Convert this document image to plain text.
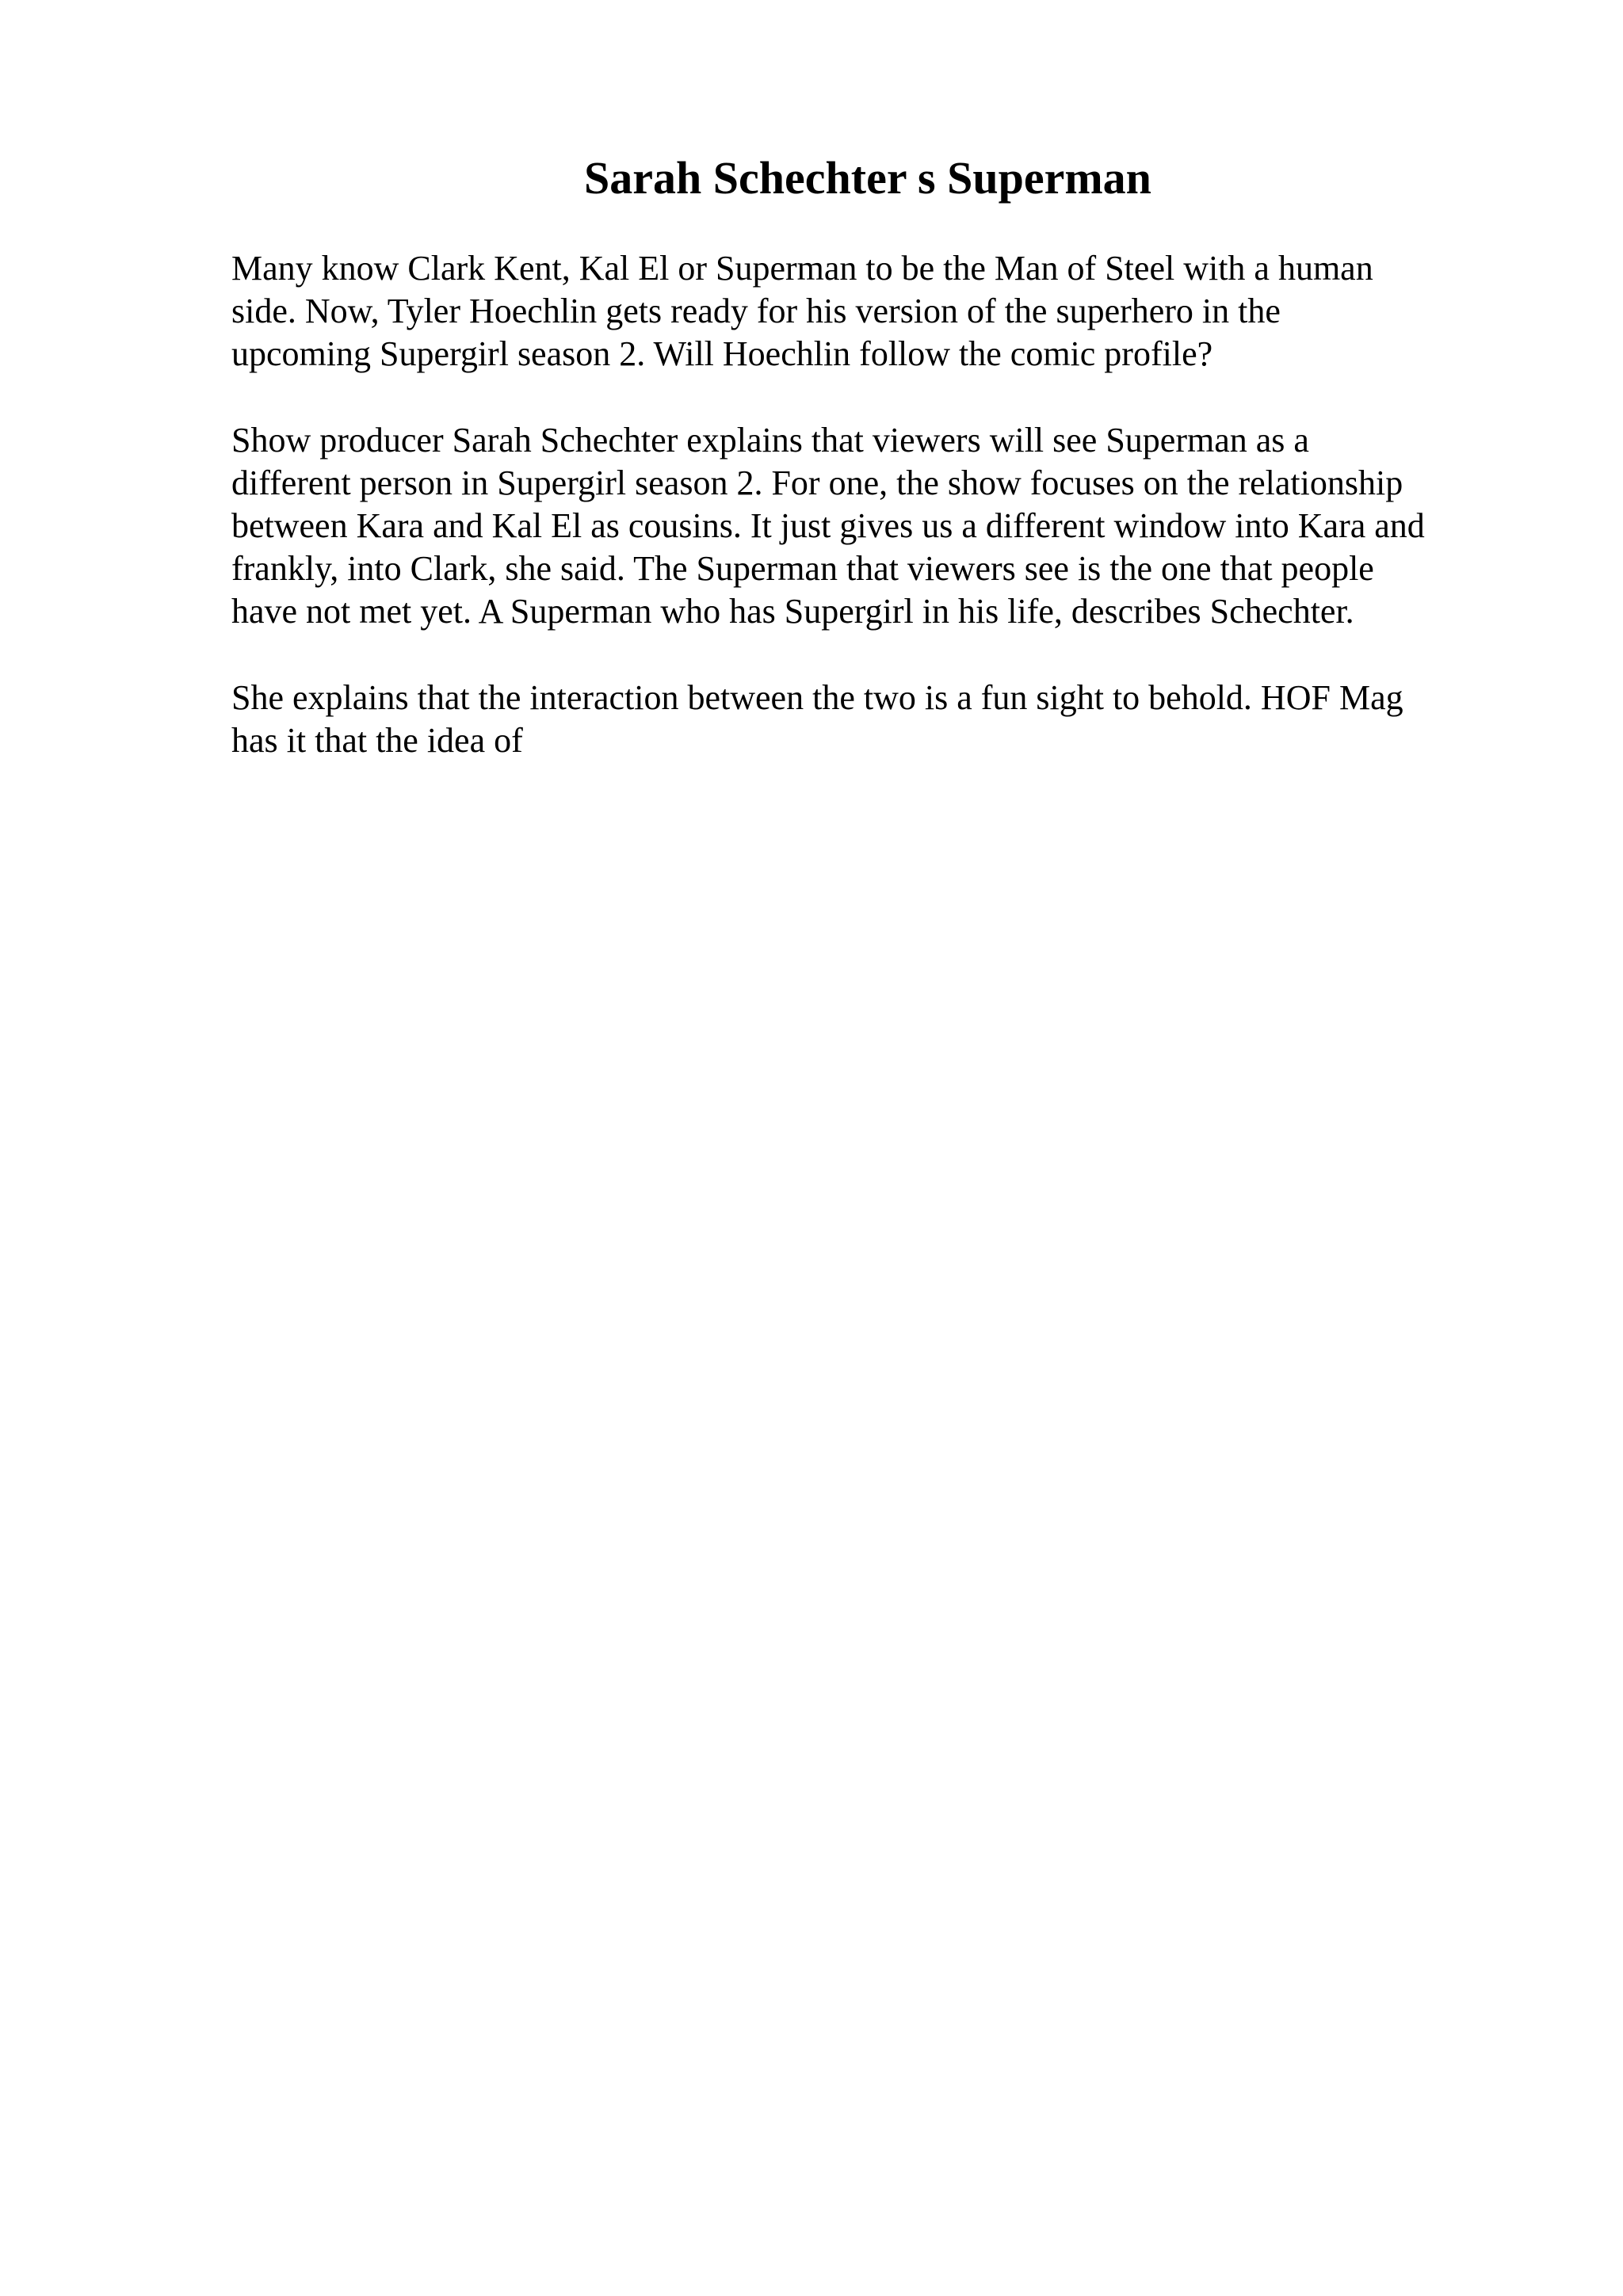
Sarah Schechter s Superman

Many know Clark Kent, Kal El or Superman to be the Man of Steel with a human
side. Now, Tyler Hoechlin gets ready for his version of the superhero in the
upcoming Supergirl season 2. Will Hoechlin follow the comic profile?

Show producer Sarah Schechter explains that viewers will see Superman as a
different person in Supergirl season 2. For one, the show focuses on the relationship
between Kara and Kal El as cousins. It just gives us a different window into Kara and
frankly, into Clark, she said. The Superman that viewers see is the one that people
have not met yet. A Superman who has Supergirl in his life, describes Schechter.

She explains that the interaction between the two is a fun sight to behold. HOF Mag
has it that the idea of
